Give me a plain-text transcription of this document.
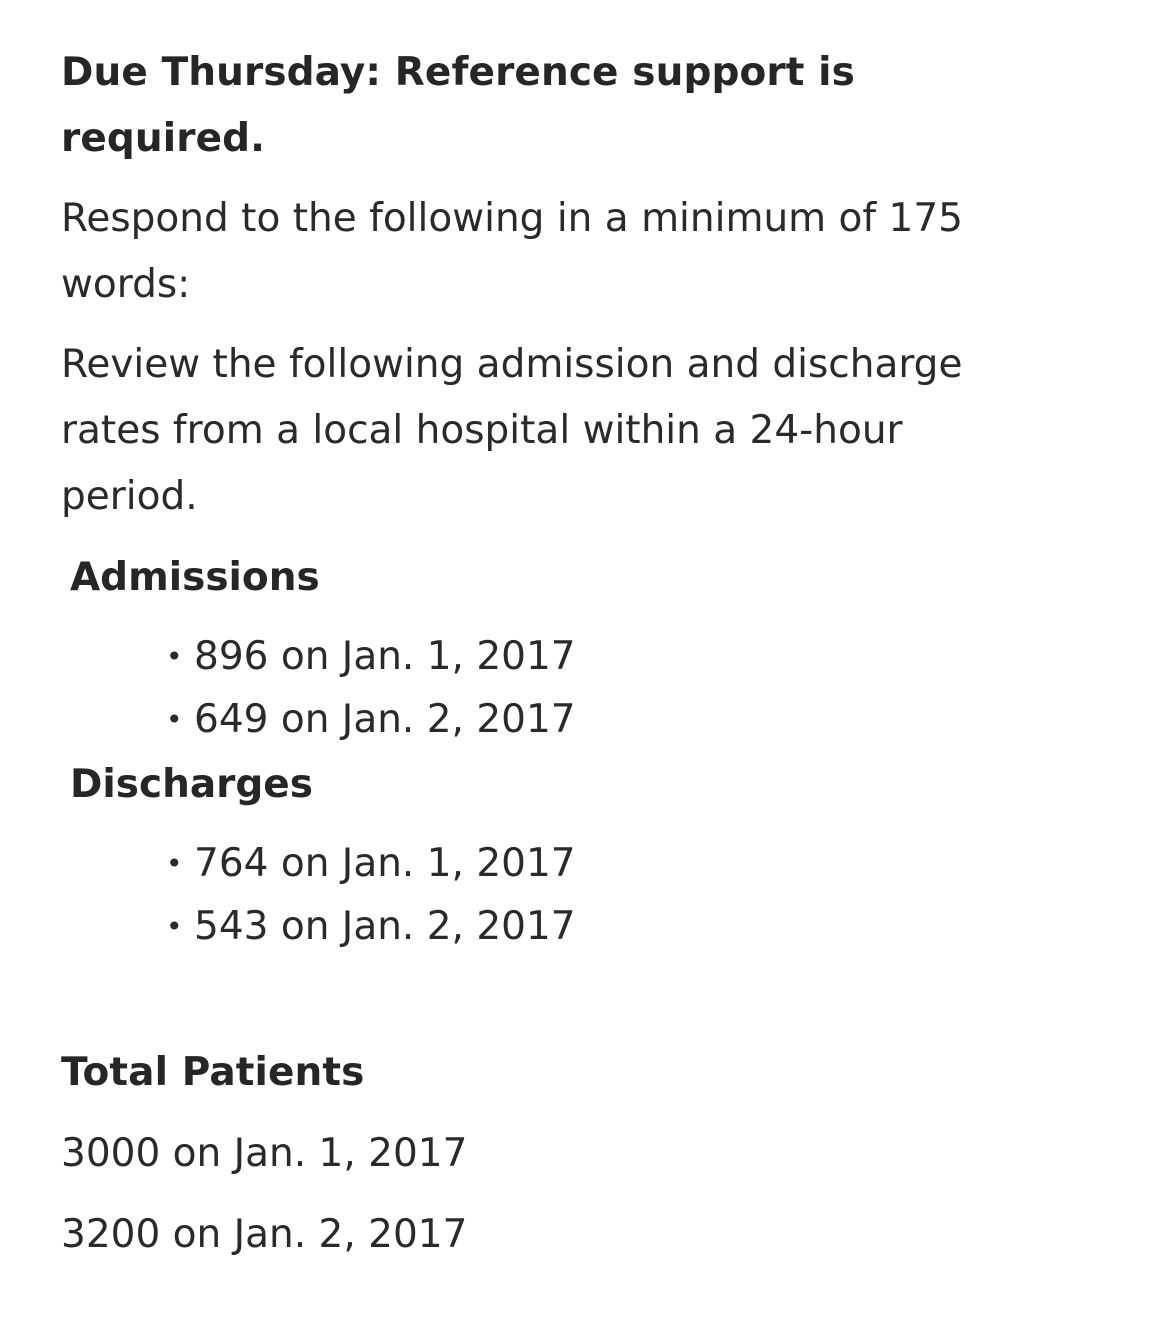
Due Thursday: Reference support is

required.

Respond to the following in a minimum of 175

words:

Review the following admission and discharge

rates from a local hospital within a 24-hour

period.

Admissions

• 896 on Jan. 1, 2017
• 649 on Jan. 2, 2017

Discharges

• 764 on Jan. 1, 2017
• 543 on Jan. 2, 2017

Total Patients

3000 on Jan. 1, 2017

3200 on Jan. 2, 2017
